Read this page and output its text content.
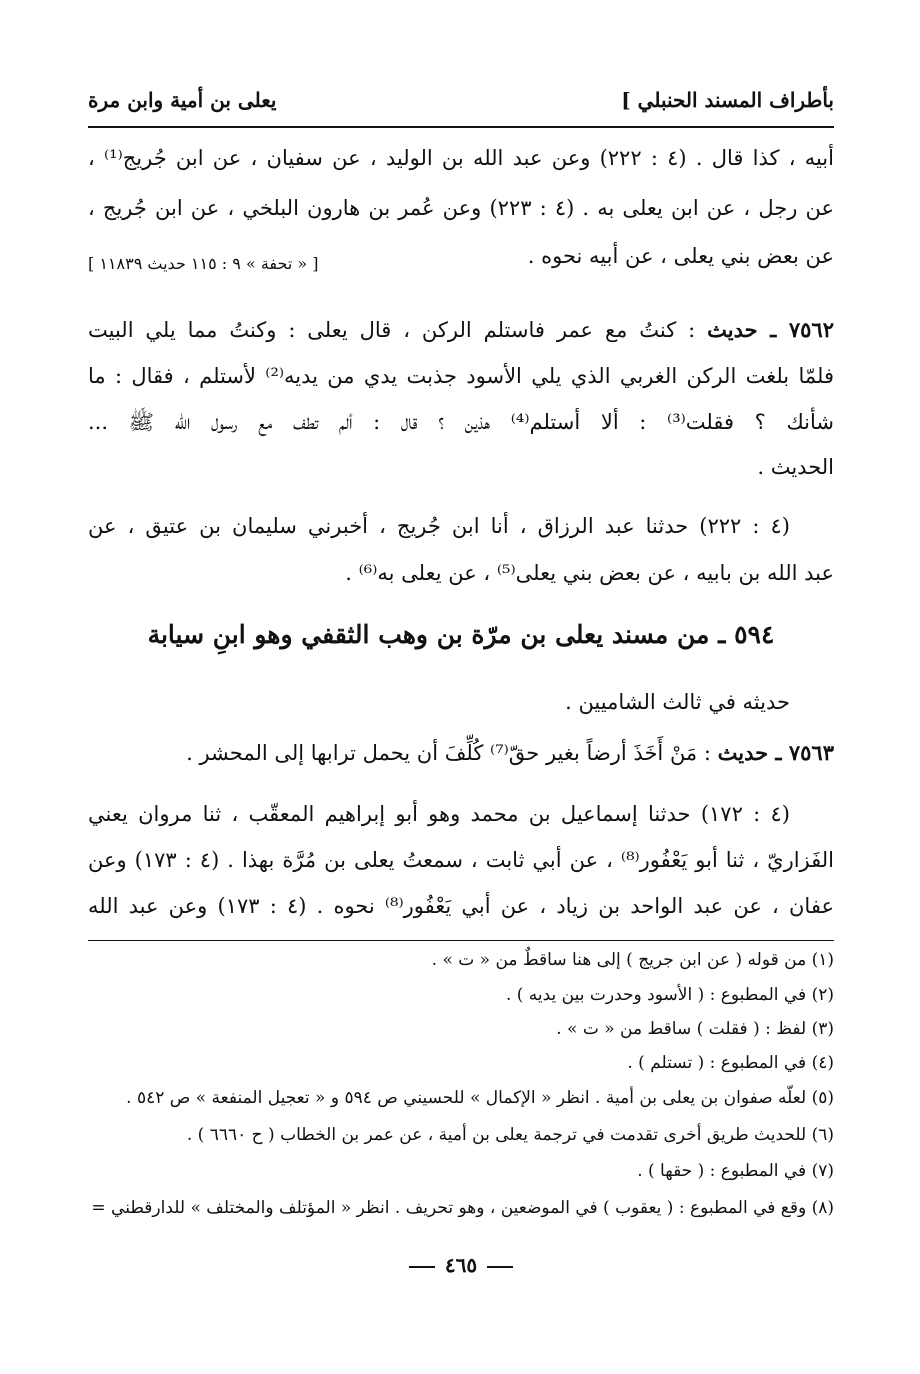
بأطراف المسند الحنبلي ]
يعلى بن أمية وابن مرة
أبيه ، كذا قال . (٤ : ٢٢٢) وعن عبد الله بن الوليد ، عن سفيان ، عن ابن جُريج⁽¹⁾ ،
عن رجل ، عن ابن يعلى به . (٤ : ٢٢٣) وعن عُمر بن هارون البلخي ، عن ابن جُريج ،
عن بعض بني يعلى ، عن أبيه نحوه .
[ « تحفة » ٩ : ١١٥ حديث ١١٨٣٩ ]
٧٥٦٢ ـ حديث : كنتُ مع عمر فاستلم الركن ، قال يعلى : وكنتُ مما يلي البيت
فلمّا بلغت الركن الغربي الذي يلي الأسود جذبت يدي من يديه⁽²⁾ لأستلم ، فقال : ما
شأنك ؟ فقلت⁽³⁾ : ألا أستلم⁽⁴⁾ هذين ؟ قال : ألم تطف مع رسول الله ﷺ ...
الحديث .
(٤ : ٢٢٢) حدثنا عبد الرزاق ، أنا ابن جُريج ، أخبرني سليمان بن عتيق ، عن
عبد الله بن بابيه ، عن بعض بني يعلى⁽⁵⁾ ، عن يعلى به⁽⁶⁾ .
٥٩٤ ـ من مسند يعلى بن مرّة بن وهب الثقفي وهو ابنِ سيابة
حديثه في ثالث الشاميين .
٧٥٦٣ ـ حديث : مَنْ أَخَذَ أرضاً بغير حقّ⁽⁷⁾ كُلِّفَ أن يحمل ترابها إلى المحشر .
(٤ : ١٧٢) حدثنا إسماعيل بن محمد وهو أبو إبراهيم المعقّب ، ثنا مروان يعني
الفَزاريّ ، ثنا أبو يَعْفُور⁽⁸⁾ ، عن أبي ثابت ، سمعتُ يعلى بن مُرَّة بهذا . (٤ : ١٧٣) وعن
عفان ، عن عبد الواحد بن زياد ، عن أبي يَعْفُور⁽⁸⁾ نحوه . (٤ : ١٧٣) وعن عبد الله
(١) من قوله ( عن ابن جريج ) إلى هنا ساقطٌ من « ت » .
(٢) في المطبوع : ( الأسود وحدرت بين يديه ) .
(٣) لفظ : ( فقلت ) ساقط من « ت » .
(٤) في المطبوع : ( تستلم ) .
(٥) لعلّه صفوان بن يعلى بن أمية . انظر « الإكمال » للحسيني ص ٥٩٤ و « تعجيل المنفعة » ص ٥٤٢ .
(٦) للحديث طريق أخرى تقدمت في ترجمة يعلى بن أمية ، عن عمر بن الخطاب ( ح ٦٦٦٠ ) .
(٧) في المطبوع : ( حقها ) .
(٨) وقع في المطبوع : ( يعقوب ) في الموضعين ، وهو تحريف . انظر « المؤتلف والمختلف » للدارقطني =
٤٦٥
